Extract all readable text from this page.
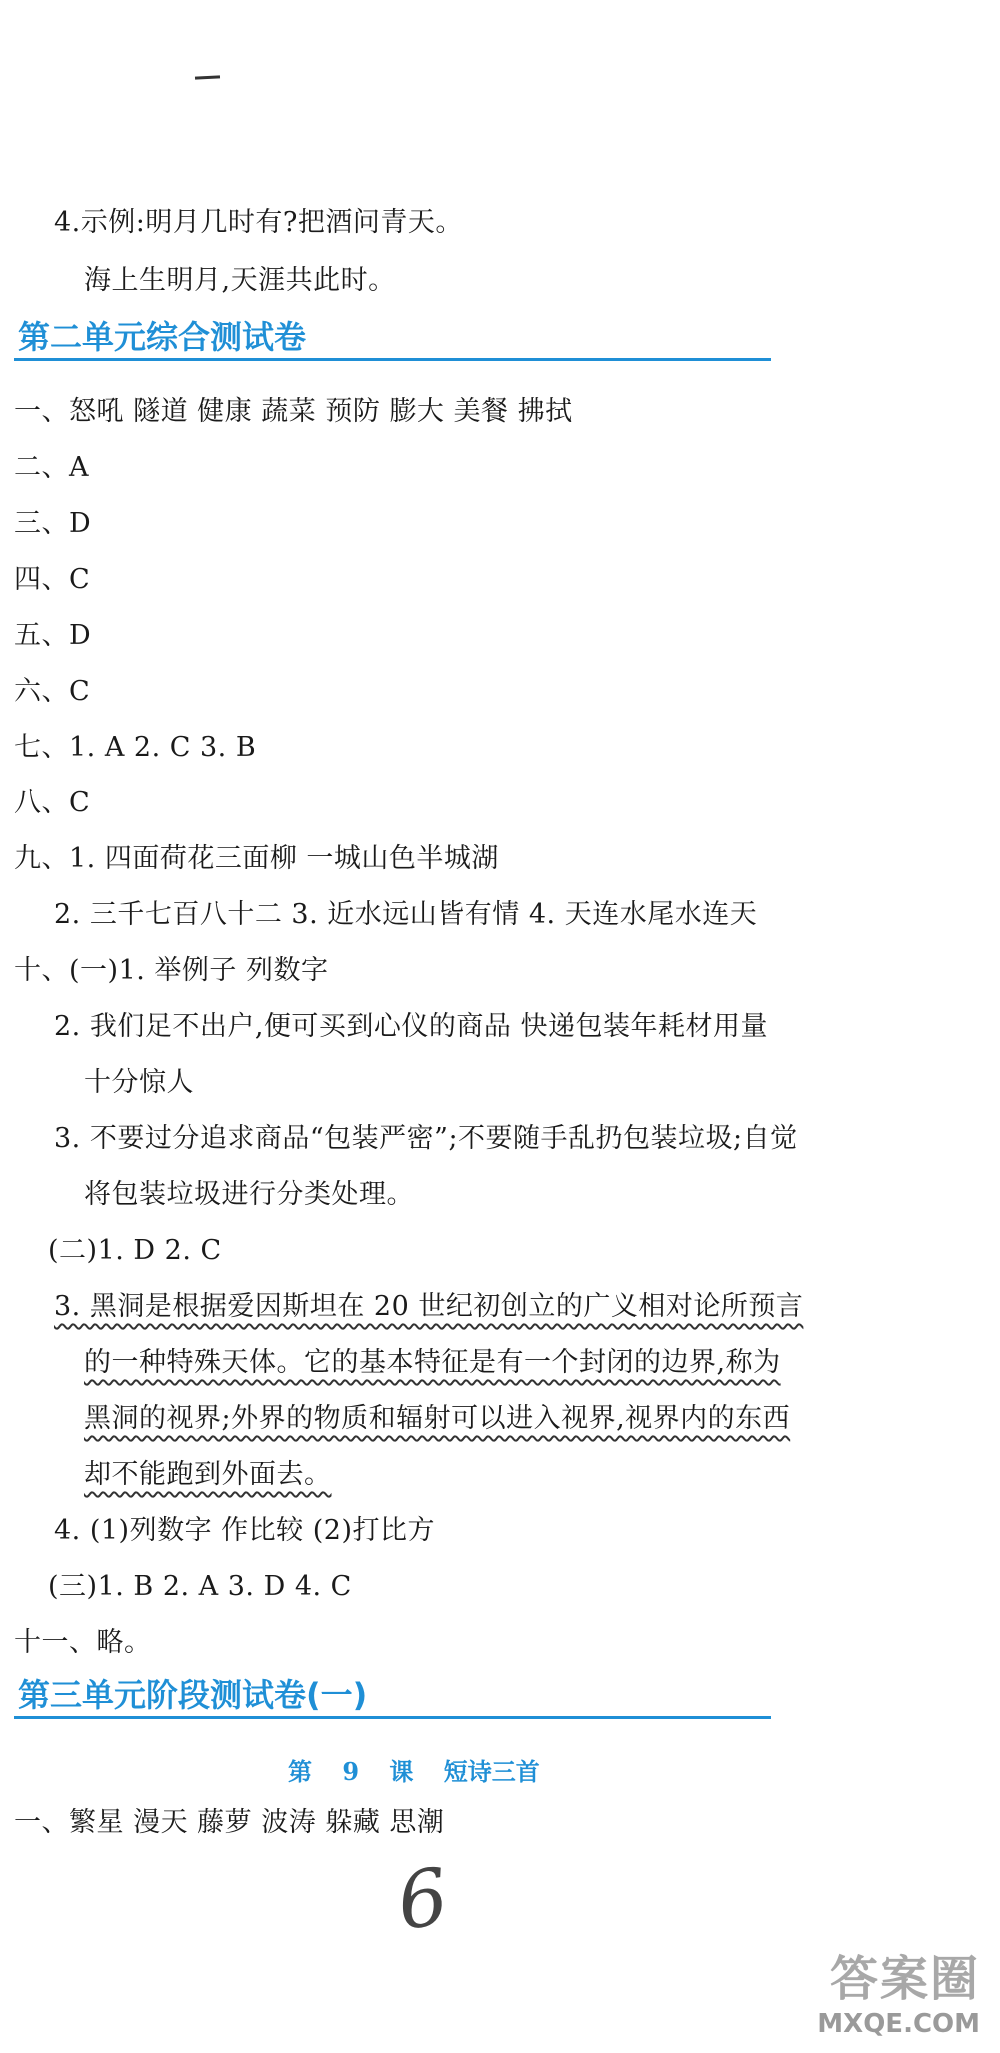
4.示例:明月几时有?把酒问青天。
海上生明月,天涯共此时。
第二单元综合测试卷
一、怒吼 隧道 健康 蔬菜 预防 膨大 美餐 拂拭
二、A
三、D
四、C
五、D
六、C
七、1. A 2. C 3. B
八、C
九、1. 四面荷花三面柳 一城山色半城湖
2. 三千七百八十二 3. 近水远山皆有情 4. 天连水尾水连天
十、(一)1. 举例子 列数字
2. 我们足不出户,便可买到心仪的商品 快递包装年耗材用量
十分惊人
3. 不要过分追求商品“包装严密”;不要随手乱扔包装垃圾;自觉
将包装垃圾进行分类处理。
(二)1. D 2. C
3. 黑洞是根据爱因斯坦在 20 世纪初创立的广义相对论所预言
的一种特殊天体。它的基本特征是有一个封闭的边界,称为
黑洞的视界;外界的物质和辐射可以进入视界,视界内的东西
却不能跑到外面去。
4. (1)列数字 作比较 (2)打比方
(三)1. B 2. A 3. D 4. C
十一、略。
第三单元阶段测试卷(一)
第 9 课 短诗三首
一、繁星 漫天 藤萝 波涛 躲藏 思潮
6
答案圈
MXQE.COM
